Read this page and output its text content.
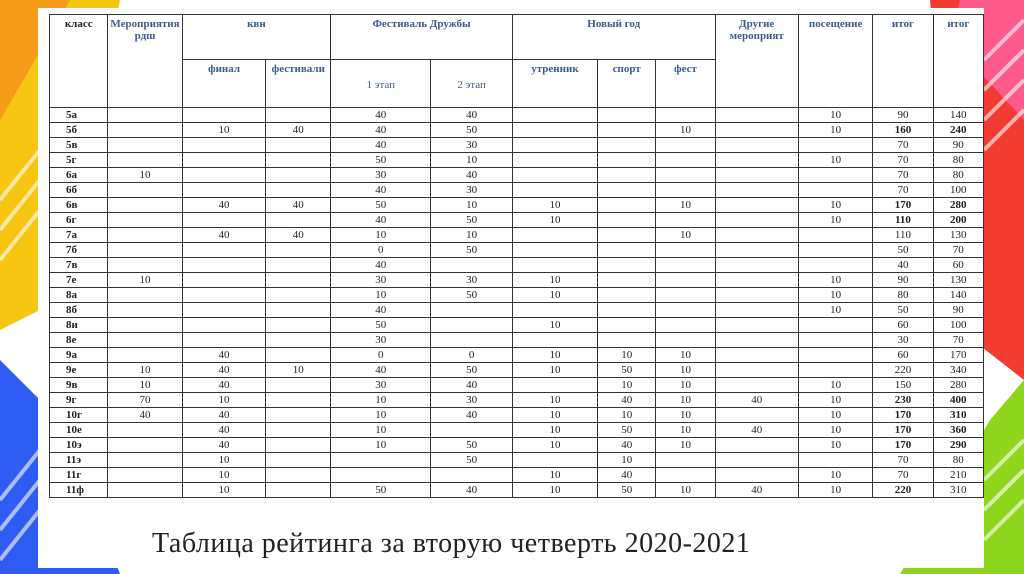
класс	Мероприятия рдш	квн		Фестиваль Дружбы		Новый год			Другие мероприят	посещение	итог	итог
		финал	фестивали	1 этап	2 этап	утренник	спорт	фест				

5а				40	40					10	90	140
5б		10	40	40	50			10		10	160	240
5в				40	30						70	90
5г				50	10					10	70	80
6а	10			30	40						70	80
6б				40	30						70	100
6в		40	40	50	10	10		10		10	170	280
6г				40	50	10				10	110	200
7а		40	40	10	10			10			110	130
7б				0	50						50	70
7в				40							40	60
7е	10			30	30	10				10	90	130
8а				10	50	10				10	80	140
8б				40						10	50	90
8и				50		10					60	100
8е				30							30	70
9а		40		0	0	10	10	10			60	170
9е	10	40	10	40	50	10	50	10			220	340
9в	10	40		30	40		10	10		10	150	280
9г	70	10		10	30	10	40	10	40	10	230	400
10г	40	40		10	40	10	10	10		10	170	310
10е		40		10		10	50	10	40	10	170	360
10э		40		10	50	10	40	10		10	170	290
11э		10			50		10				70	80
11г		10				10	40			10	70	210
11ф		10		50	40	10	50	10	40	10	220	310
Таблица рейтинга за вторую четверть 2020-2021
